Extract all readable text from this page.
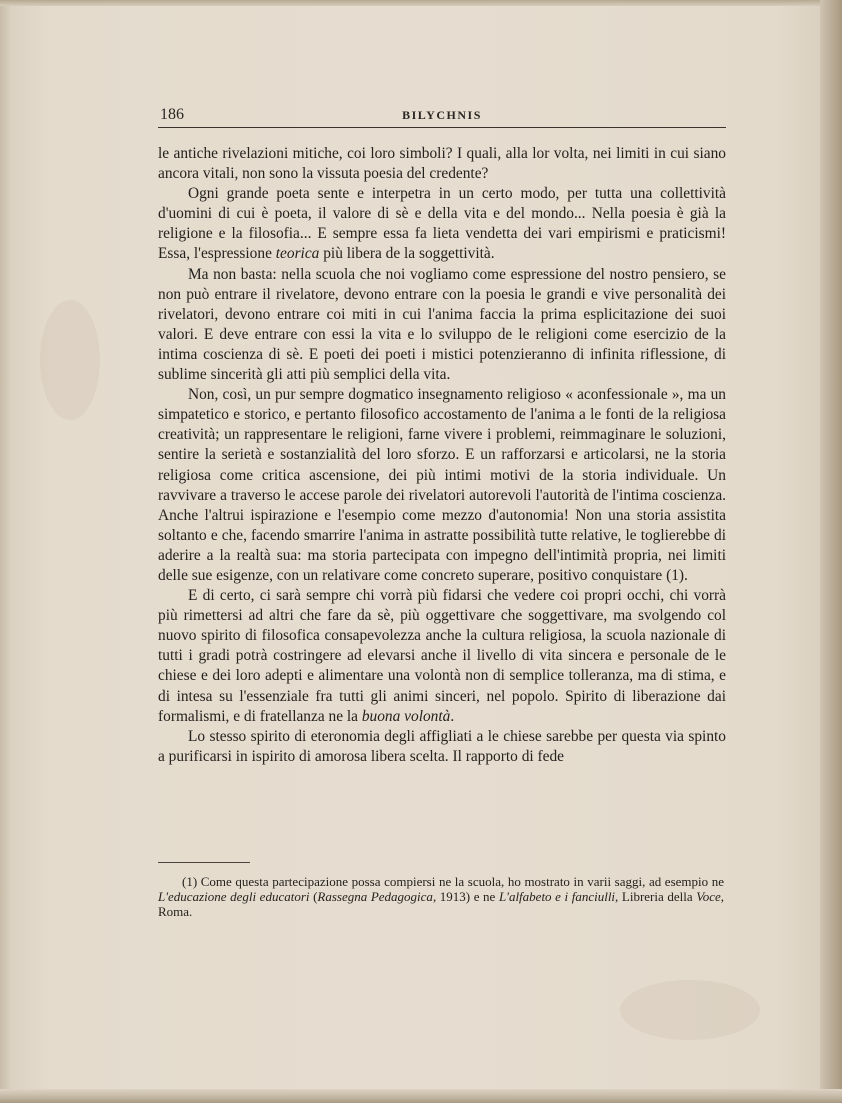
186	BILYCHNIS

le antiche rivelazioni mitiche, coi loro simboli? I quali, alla lor volta, nei limiti in cui siano ancora vitali, non sono la vissuta poesia del credente?

Ogni grande poeta sente e interpetra in un certo modo, per tutta una collettività d'uomini di cui è poeta, il valore di sè e della vita e del mondo... Nella poesia è già la religione e la filosofia... E sempre essa fa lieta vendetta dei vari empirismi e praticismi! Essa, l'espressione teorica più libera de la soggettività.

Ma non basta: nella scuola che noi vogliamo come espressione del nostro pensiero, se non può entrare il rivelatore, devono entrare con la poesia le grandi e vive personalità dei rivelatori, devono entrare coi miti in cui l'anima faccia la prima esplicitazione dei suoi valori. E deve entrare con essi la vita e lo sviluppo de le religioni come esercizio de la intima coscienza di sè. E poeti dei poeti i mistici potenzieranno di infinita riflessione, di sublime sincerità gli atti più semplici della vita.

Non, così, un pur sempre dogmatico insegnamento religioso « aconfessionale », ma un simpatetico e storico, e pertanto filosofico accostamento de l'anima a le fonti de la religiosa creatività; un rappresentare le religioni, farne vivere i problemi, reimmaginare le soluzioni, sentire la serietà e sostanzialità del loro sforzo. E un rafforzarsi e articolarsi, ne la storia religiosa come critica ascensione, dei più intimi motivi de la storia individuale. Un ravvivare a traverso le accese parole dei rivelatori autorevoli l'autorità de l'intima coscienza. Anche l'altrui ispirazione e l'esempio come mezzo d'autonomia! Non una storia assistita soltanto e che, facendo smarrire l'anima in astratte possibilità tutte relative, le toglierebbe di aderire a la realtà sua: ma storia partecipata con impegno dell'intimità propria, nei limiti delle sue esigenze, con un relativare come concreto superare, positivo conquistare (1).

E di certo, ci sarà sempre chi vorrà più fidarsi che vedere coi propri occhi, chi vorrà più rimettersi ad altri che fare da sè, più oggettivare che soggettivare, ma svolgendo col nuovo spirito di filosofica consapevolezza anche la cultura religiosa, la scuola nazionale di tutti i gradi potrà costringere ad elevarsi anche il livello di vita sincera e personale de le chiese e dei loro adepti e alimentare una volontà non di semplice tolleranza, ma di stima, e di intesa su l'essenziale fra tutti gli animi sinceri, nel popolo. Spirito di liberazione dai formalismi, e di fratellanza ne la buona volontà.

Lo stesso spirito di eteronomia degli affigliati a le chiese sarebbe per questa via spinto a purificarsi in ispirito di amorosa libera scelta. Il rapporto di fede

(1) Come questa partecipazione possa compiersi ne la scuola, ho mostrato in varii saggi, ad esempio ne L'educazione degli educatori (Rassegna Pedagogica, 1913) e ne L'alfabeto e i fanciulli, Libreria della Voce, Roma.
